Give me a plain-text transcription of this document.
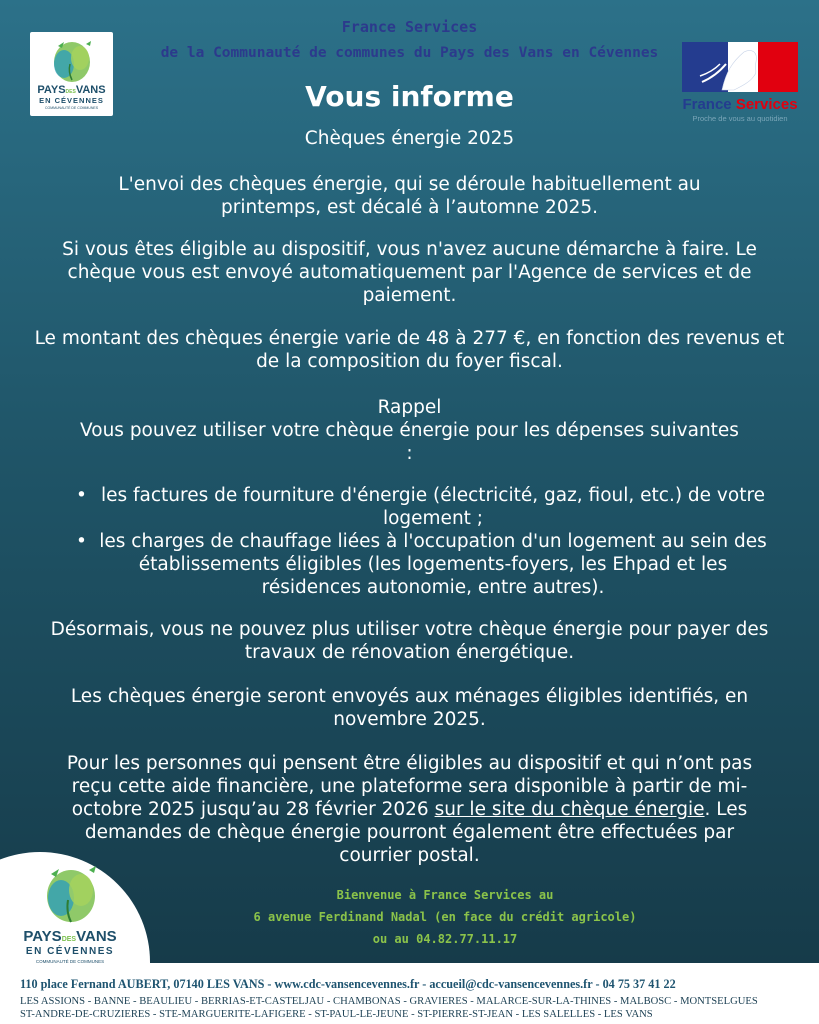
France Services
de la Communauté de communes du Pays des Vans en Cévennes
PAYSDESVANS
EN CÉVENNES
COMMUNAUTÉ DE COMMUNES	France Services
Proche de vous au quotidien
Vous informe
Chèques énergie 2025
L'envoi des chèques énergie, qui se déroule habituellement au printemps, est décalé à l’automne 2025.
Si vous êtes éligible au dispositif, vous n'avez aucune démarche à faire. Le chèque vous est envoyé automatiquement par l'Agence de services et de paiement.
Le montant des chèques énergie varie de 48 à 277 €, en fonction des revenus et de la composition du foyer fiscal.
Rappel
Vous pouvez utiliser votre chèque énergie pour les dépenses suivantes :
• les factures de fourniture d'énergie (électricité, gaz, fioul, etc.) de votre logement ;
• les charges de chauffage liées à l'occupation d'un logement au sein des établissements éligibles (les logements-foyers, les Ehpad et les résidences autonomie, entre autres).
Désormais, vous ne pouvez plus utiliser votre chèque énergie pour payer des travaux de rénovation énergétique.
Les chèques énergie seront envoyés aux ménages éligibles identifiés, en novembre 2025.
Pour les personnes qui pensent être éligibles au dispositif et qui n’ont pas reçu cette aide financière, une plateforme sera disponible à partir de mi-octobre 2025 jusqu’au 28 février 2026 sur le site du chèque énergie. Les demandes de chèque énergie pourront également être effectuées par courrier postal.
PAYSDESVANS
EN CÉVENNES
COMMUNAUTÉ DE COMMUNES
Bienvenue à France Services au
6 avenue Ferdinand Nadal (en face du crédit agricole)
ou au 04.82.77.11.17
110 place Fernand AUBERT, 07140 LES VANS - www.cdc-vansencevennes.fr - accueil@cdc-vansencevennes.fr - 04 75 37 41 22
LES ASSIONS - BANNE - BEAULIEU - BERRIAS-ET-CASTELJAU - CHAMBONAS - GRAVIERES - MALARCE-SUR-LA-THINES - MALBOSC - MONTSELGUES
ST-ANDRE-DE-CRUZIERES - STE-MARGUERITE-LAFIGERE - ST-PAUL-LE-JEUNE - ST-PIERRE-ST-JEAN - LES SALELLES - LES VANS
